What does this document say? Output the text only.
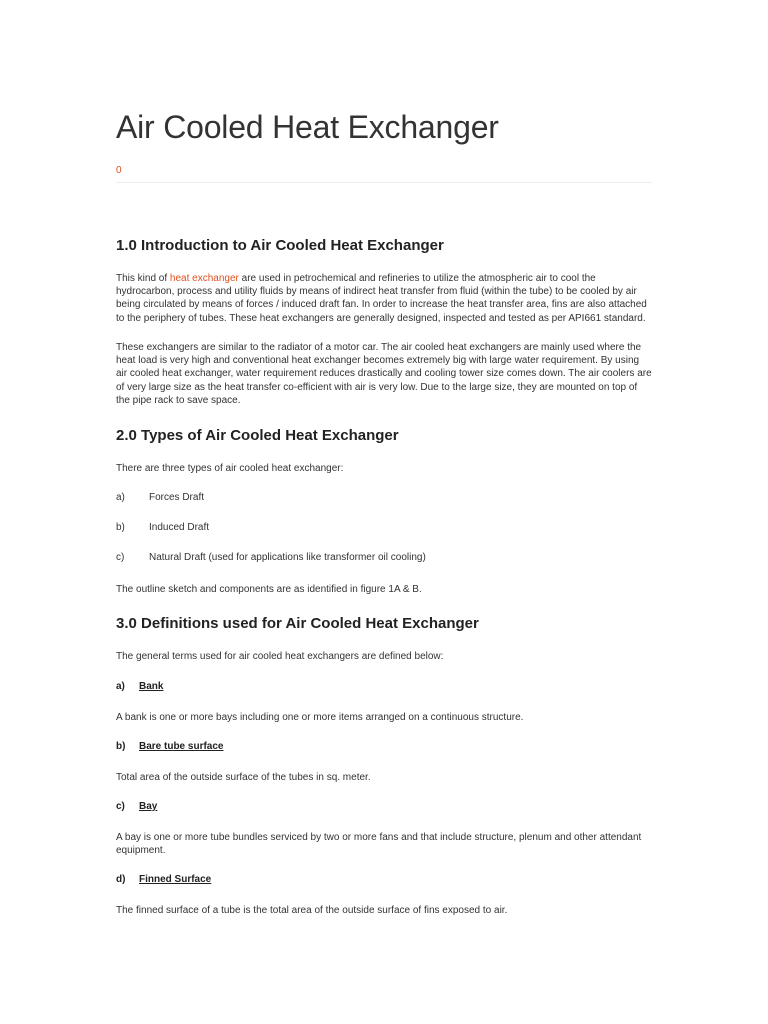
Air Cooled Heat Exchanger
0
1.0 Introduction to Air Cooled Heat Exchanger

This kind of heat exchanger are used in petrochemical and refineries to utilize the atmospheric air to cool the hydrocarbon, process and utility fluids by means of indirect heat transfer from fluid (within the tube) to be cooled by air being circulated by means of forces / induced draft fan. In order to increase the heat transfer area, fins are also attached to the periphery of tubes. These heat exchangers are generally designed, inspected and tested as per API661 standard.

These exchangers are similar to the radiator of a motor car. The air cooled heat exchangers are mainly used where the heat load is very high and conventional heat exchanger becomes extremely big with large water requirement. By using air cooled heat exchanger, water requirement reduces drastically and cooling tower size comes down. The air coolers are of very large size as the heat transfer co-efficient with air is very low. Due to the large size, they are mounted on top of the pipe rack to save space.

2.0 Types of Air Cooled Heat Exchanger

There are three types of air cooled heat exchanger:

a) Forces Draft
b) Induced Draft
c) Natural Draft (used for applications like transformer oil cooling)

The outline sketch and components are as identified in figure 1A & B.

3.0 Definitions used for Air Cooled Heat Exchanger

The general terms used for air cooled heat exchangers are defined below:

a) Bank

A bank is one or more bays including one or more items arranged on a continuous structure.

b) Bare tube surface

Total area of the outside surface of the tubes in sq. meter.

c) Bay

A bay is one or more tube bundles serviced by two or more fans and that include structure, plenum and other attendant equipment.

d) Finned Surface

The finned surface of a tube is the total area of the outside surface of fins exposed to air.
